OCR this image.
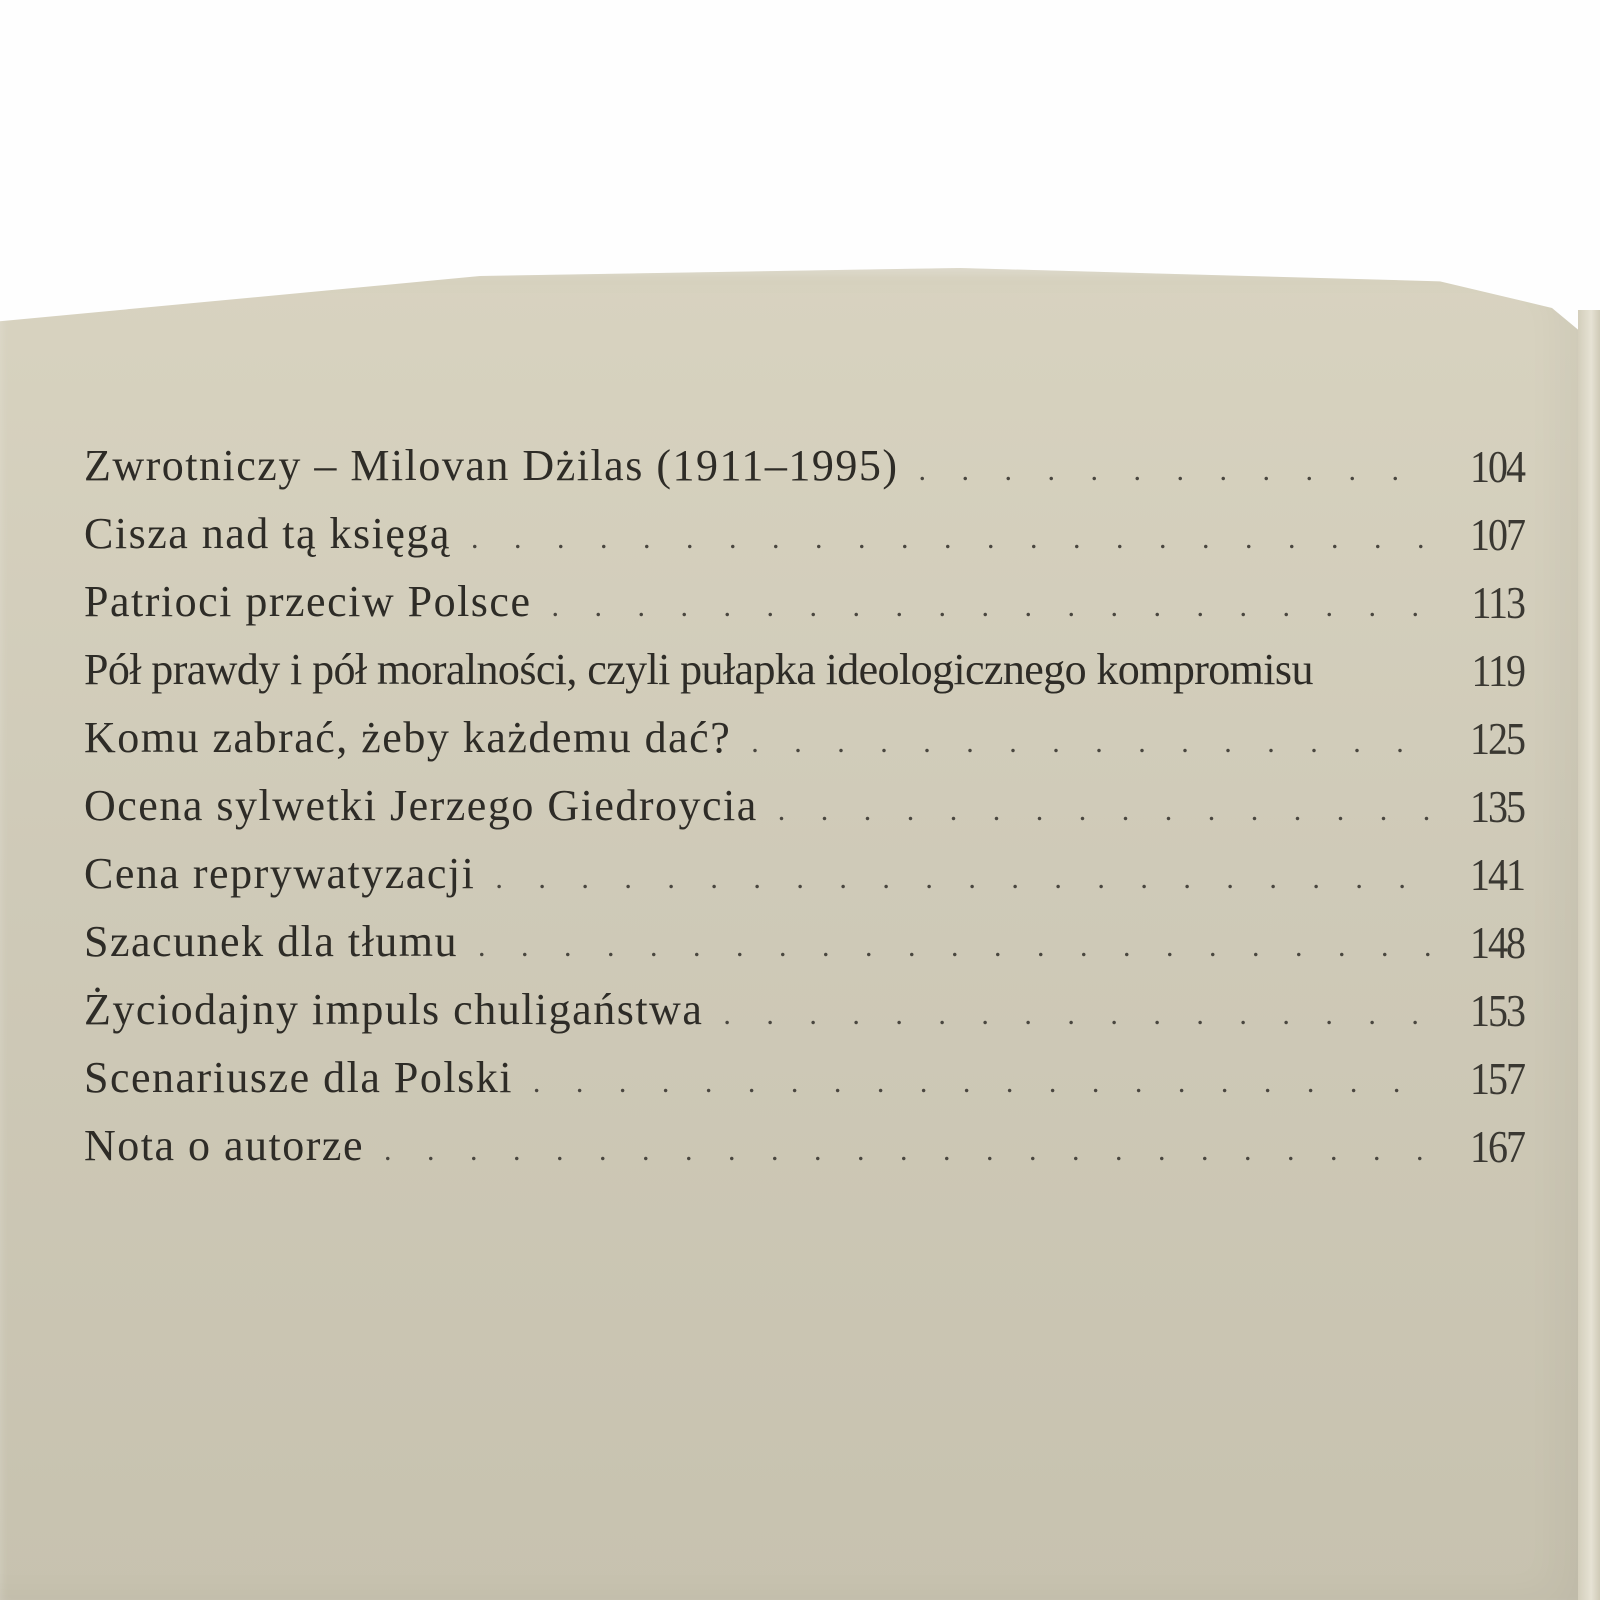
Zwrotniczy – Milovan Dżilas (1911–1995) . . .	104
Cisza nad tą księgą . . .	107
Patrioci przeciw Polsce . . .	113
Pół prawdy i pół moralności, czyli pułapka ideologicznego kompromisu	119
Komu zabrać, żeby każdemu dać? . . .	125
Ocena sylwetki Jerzego Giedroycia . . .	135
Cena reprywatyzacji . . .	141
Szacunek dla tłumu . . .	148
Życiodajny impuls chuligaństwa . . .	153
Scenariusze dla Polski . . .	157
Nota o autorze . . .	167
